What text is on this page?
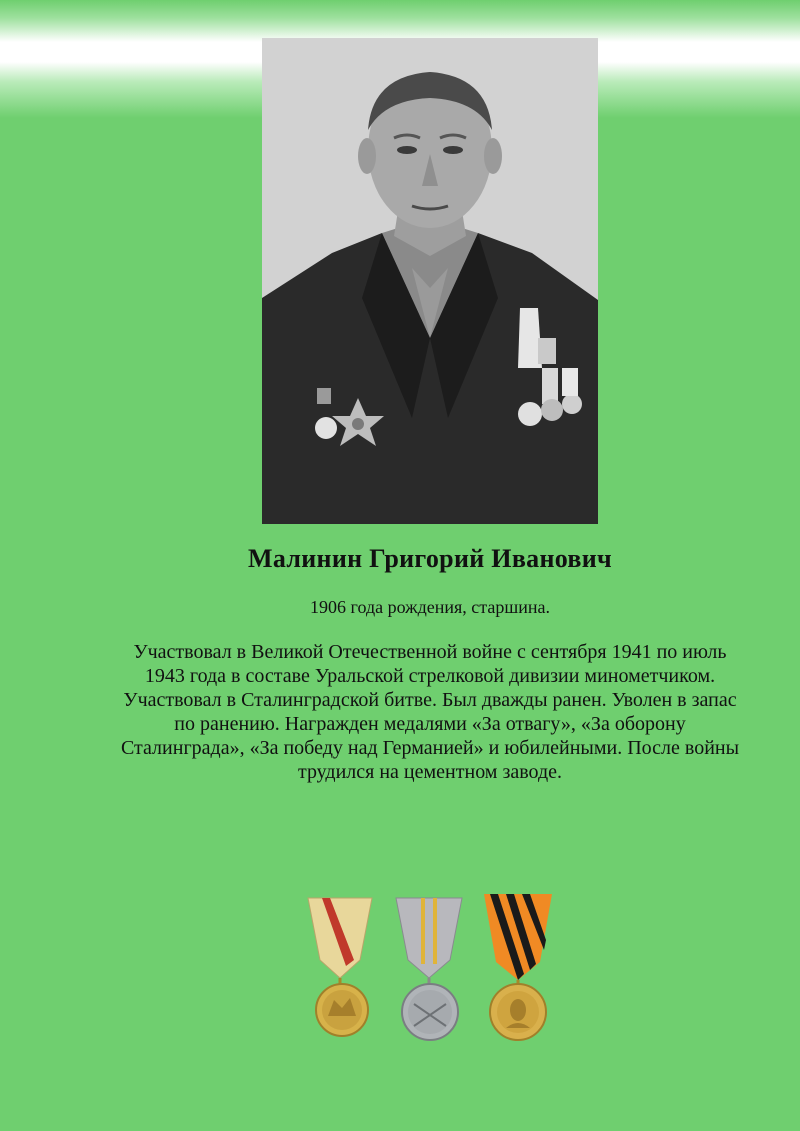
Малинин Григорий Иванович
1906 года рождения, старшина.
Участвовал в Великой Отечественной войне с сентября 1941 по июль 1943 года в составе Уральской стрелковой дивизии минометчиком. Участвовал в Сталинградской битве. Был дважды ранен. Уволен в запас по ранению. Награжден медалями «За отвагу», «За оборону Сталинграда», «За победу над Германией» и юбилейными. После войны трудился на цементном заводе.
